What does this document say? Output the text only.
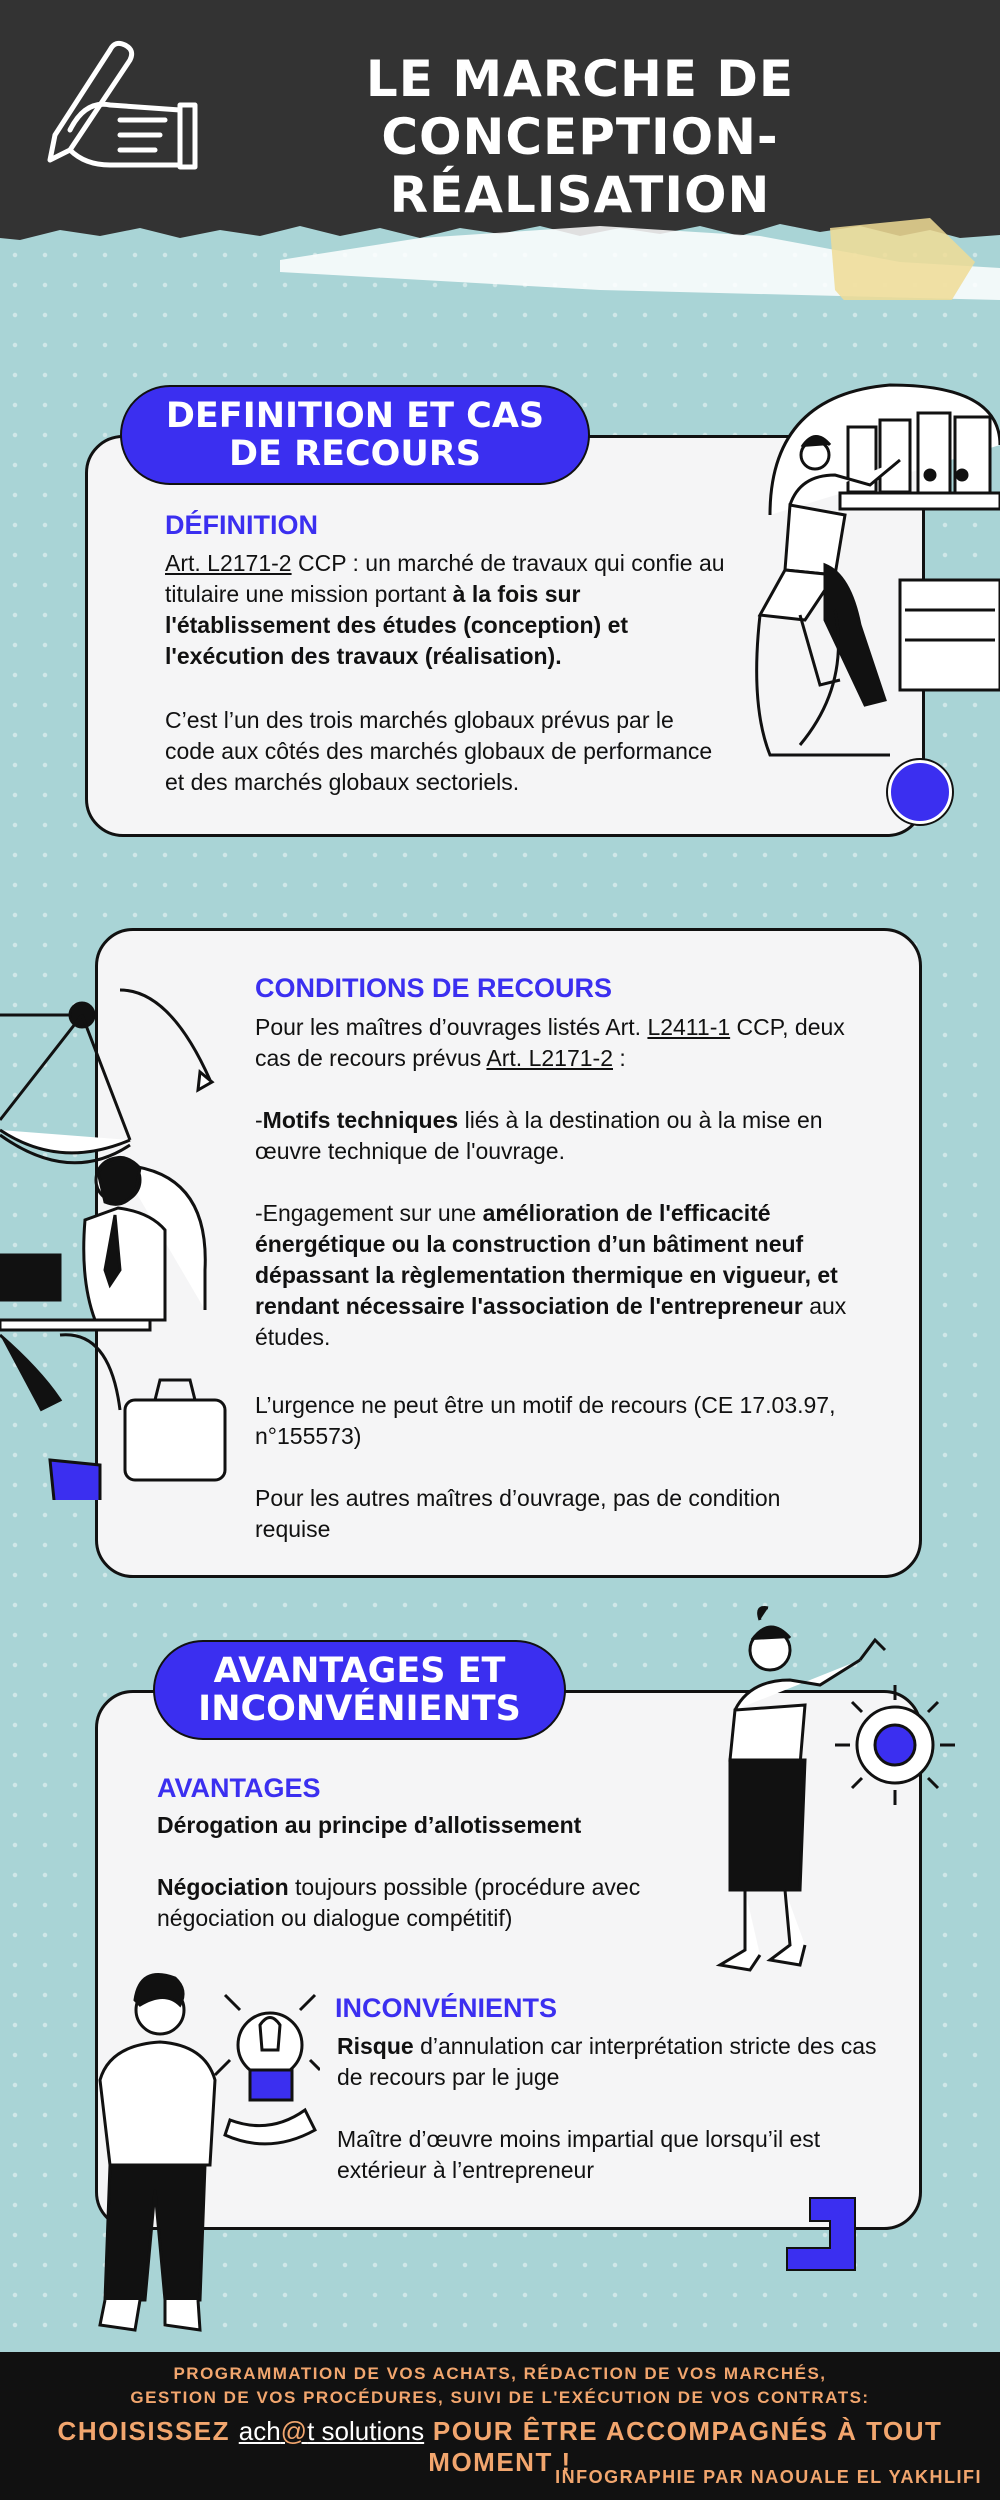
LE MARCHE DE
CONCEPTION-RÉALISATION
DEFINITION ET CAS
DE RECOURS
DÉFINITION
Art. L2171-2 CCP : un marché de travaux qui confie au titulaire une mission portant à la fois sur l'établissement des études (conception) et l'exécution des travaux (réalisation).
C’est l’un des trois marchés globaux prévus par le code aux côtés des marchés globaux de performance et des marchés globaux sectoriels.
CONDITIONS DE RECOURS
Pour les maîtres d’ouvrages listés Art. L2411-1 CCP, deux cas de recours prévus Art. L2171-2 :
-Motifs techniques liés à la destination ou à la mise en œuvre technique de l'ouvrage.
-Engagement sur une amélioration de l'efficacité énergétique ou la construction d’un bâtiment neuf dépassant la règlementation thermique en vigueur, et rendant nécessaire l'association de l'entrepreneur aux études.
L’urgence ne peut être un motif de recours (CE 17.03.97, n°155573)
Pour les autres maîtres d’ouvrage, pas de condition requise
AVANTAGES ET
INCONVÉNIENTS
AVANTAGES
Dérogation au principe d’allotissement
Négociation toujours possible (procédure avec négociation ou dialogue compétitif)
INCONVÉNIENTS
Risque d’annulation car interprétation stricte des cas de recours par le juge
Maître d’œuvre moins impartial que lorsqu’il est extérieur à l’entrepreneur
PROGRAMMATION DE VOS ACHATS, RÉDACTION DE VOS MARCHÉS,
GESTION DE VOS PROCÉDURES, SUIVI DE L'EXÉCUTION DE VOS CONTRATS:
CHOISISSEZ ach@t solutions POUR ÊTRE ACCOMPAGNÉS À TOUT MOMENT !
INFOGRAPHIE PAR NAOUALE EL YAKHLIFI
